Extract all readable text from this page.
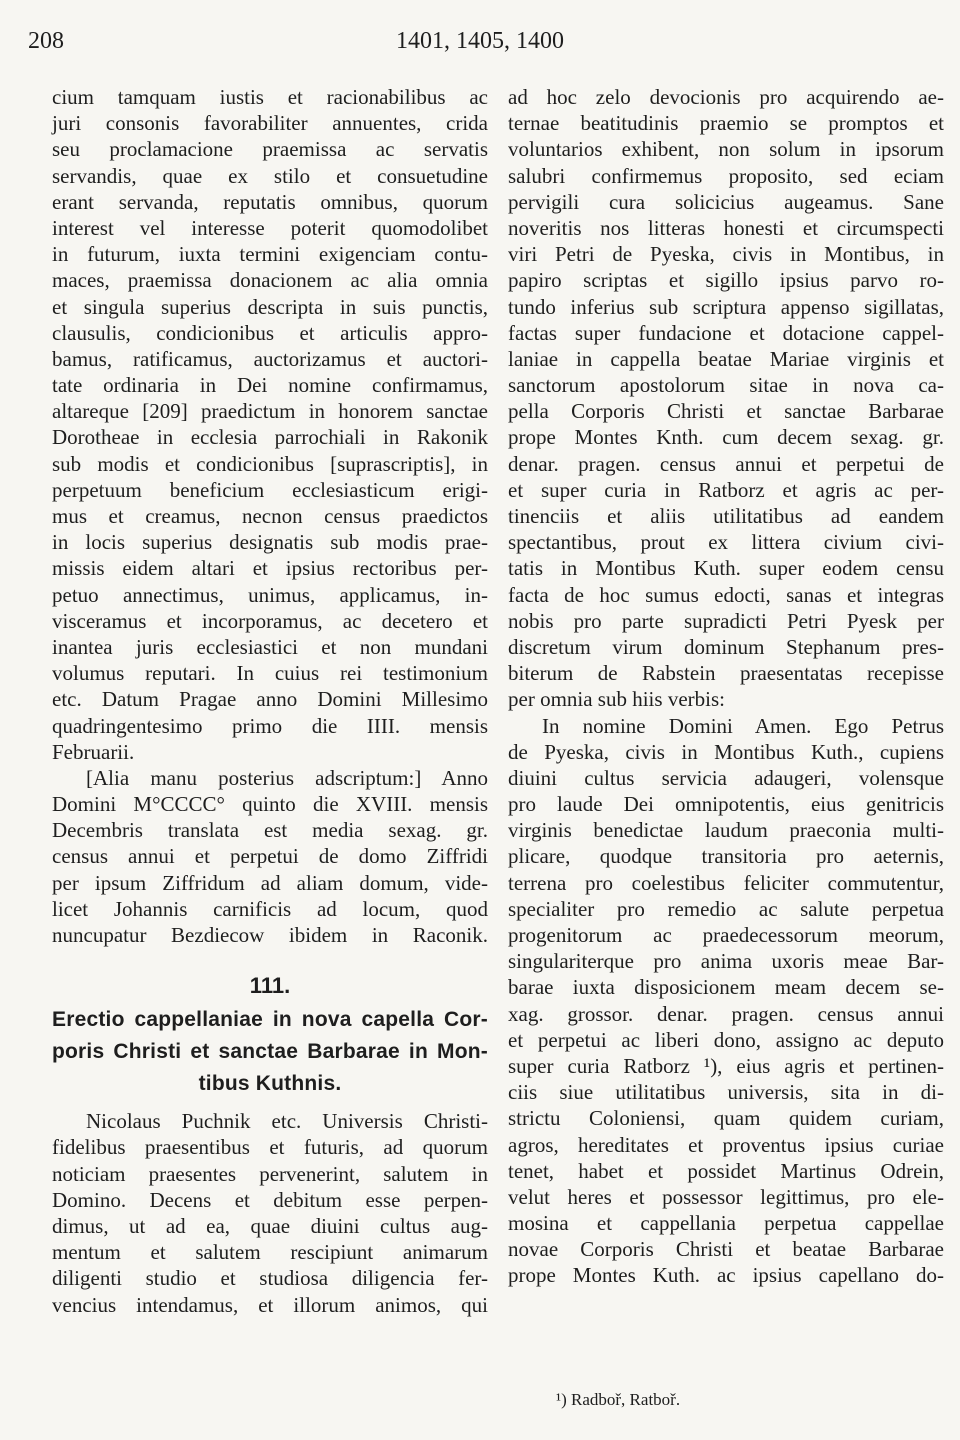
208	1401, 1405, 1400
cium tamquam iustis et racionabilibus ac
juri consonis favorabiliter annuentes, crida
seu proclamacione praemissa ac servatis
servandis, quae ex stilo et consuetudine
erant servanda, reputatis omnibus, quorum
interest vel interesse poterit quomodolibet
in futurum, iuxta termini exigenciam contu-
maces, praemissa donacionem ac alia omnia
et singula superius descripta in suis punctis,
clausulis, condicionibus et articulis appro-
bamus, ratificamus, auctorizamus et auctori-
tate ordinaria in Dei nomine confirmamus,
altareque [209] praedictum in honorem sanctae
Dorotheae in ecclesia parrochiali in Rakonik
sub modis et condicionibus [suprascriptis], in
perpetuum beneficium ecclesiasticum erigi-
mus et creamus, necnon census praedictos
in locis superius designatis sub modis prae-
missis eidem altari et ipsius rectoribus per-
petuo annectimus, unimus, applicamus, in-
visceramus et incorporamus, ac decetero et
inantea juris ecclesiastici et non mundani
volumus reputari. In cuius rei testimonium
etc. Datum Pragae anno Domini Millesimo
quadringentesimo primo die IIII. mensis
Februarii.
[Alia manu posterius adscriptum:] Anno
Domini M°CCCC° quinto die XVIII. mensis
Decembris translata est media sexag. gr.
census annui et perpetui de domo Ziffridi
per ipsum Ziffridum ad aliam domum, vide-
licet Johannis carnificis ad locum, quod
nuncupatur Bezdiecow ibidem in Raconik.
111.
Erectio cappellaniae in nova capella Cor-
poris Christi et sanctae Barbarae in Mon-
tibus Kuthnis.
Nicolaus Puchnik etc. Universis Christi-
fidelibus praesentibus et futuris, ad quorum
noticiam praesentes pervenerint, salutem in
Domino. Decens et debitum esse perpen-
dimus, ut ad ea, quae diuini cultus aug-
mentum et salutem rescipiunt animarum
diligenti studio et studiosa diligencia fer-
vencius intendamus, et illorum animos, qui
ad hoc zelo devocionis pro acquirendo ae-
ternae beatitudinis praemio se promptos et
voluntarios exhibent, non solum in ipsorum
salubri confirmemus proposito, sed eciam
pervigili cura solicicius augeamus. Sane
noveritis nos litteras honesti et circumspecti
viri Petri de Pyeska, civis in Montibus, in
papiro scriptas et sigillo ipsius parvo ro-
tundo inferius sub scriptura appenso sigillatas,
factas super fundacione et dotacione cappel-
laniae in cappella beatae Mariae virginis et
sanctorum apostolorum sitae in nova ca-
pella Corporis Christi et sanctae Barbarae
prope Montes Knth. cum decem sexag. gr.
denar. pragen. census annui et perpetui de
et super curia in Ratborz et agris ac per-
tinenciis et aliis utilitatibus ad eandem
spectantibus, prout ex littera civium civi-
tatis in Montibus Kuth. super eodem censu
facta de hoc sumus edocti, sanas et integras
nobis pro parte supradicti Petri Pyesk per
discretum virum dominum Stephanum pres-
biterum de Rabstein praesentatas recepisse
per omnia sub hiis verbis:
In nomine Domini Amen. Ego Petrus
de Pyeska, civis in Montibus Kuth., cupiens
diuini cultus servicia adaugeri, volensque
pro laude Dei omnipotentis, eius genitricis
virginis benedictae laudum praeconia multi-
plicare, quodque transitoria pro aeternis,
terrena pro coelestibus feliciter commutentur,
specialiter pro remedio ac salute perpetua
progenitorum ac praedecessorum meorum,
singulariterque pro anima uxoris meae Bar-
barae iuxta disposicionem meam decem se-
xag. grossor. denar. pragen. census annui
et perpetui ac liberi dono, assigno ac deputo
super curia Ratborz ¹), eius agris et pertinen-
ciis siue utilitatibus universis, sita in di-
strictu Coloniensi, quam quidem curiam,
agros, hereditates et proventus ipsius curiae
tenet, habet et possidet Martinus Odrein,
velut heres et possessor legittimus, pro ele-
mosina et cappellania perpetua cappellae
novae Corporis Christi et beatae Barbarae
prope Montes Kuth. ac ipsius capellano do-
¹) Radboř, Ratboř.
